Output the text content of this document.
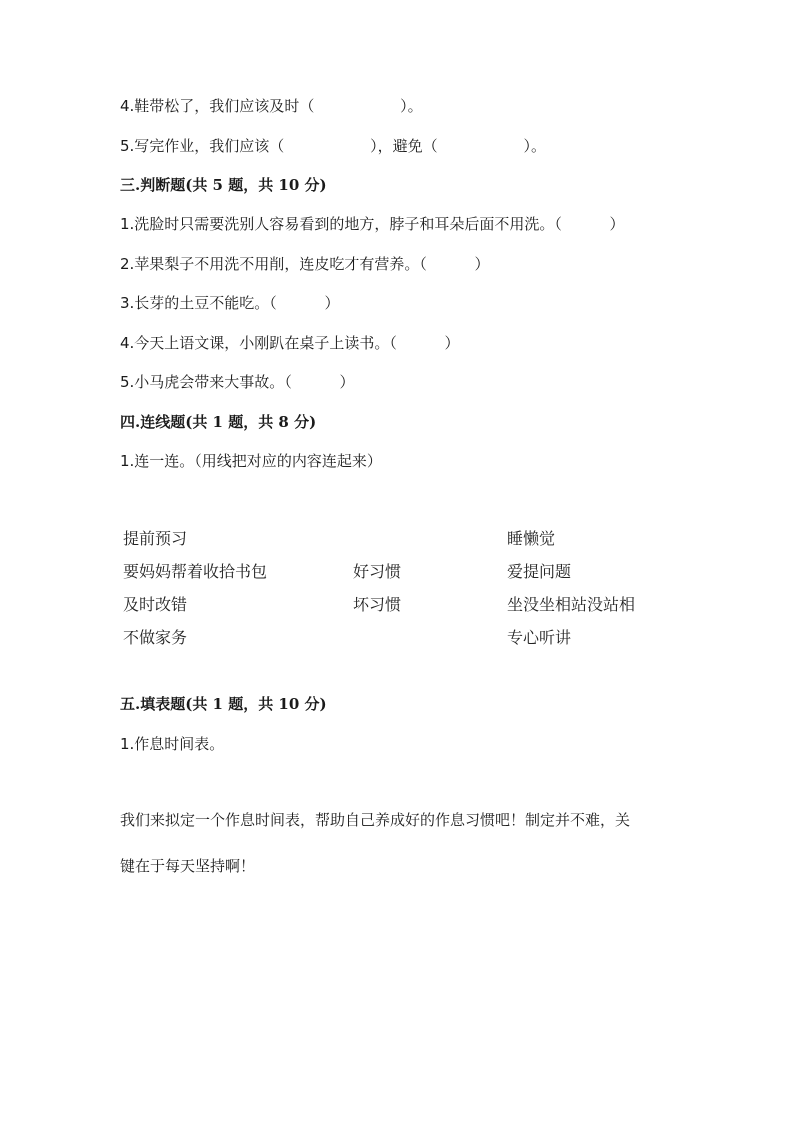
4.鞋带松了，我们应该及时（                  ）。
5.写完作业，我们应该（                  ），避免（                  ）。
三.判断题(共 5 题，共 10 分)
1.洗脸时只需要洗别人容易看到的地方，脖子和耳朵后面不用洗。（          ）
2.苹果梨子不用洗不用削，连皮吃才有营养。（          ）
3.长芽的土豆不能吃。（          ）
4.今天上语文课，小刚趴在桌子上读书。（          ）
5.小马虎会带来大事故。（          ）
四.连线题(共 1 题，共 8 分)
1.连一连。（用线把对应的内容连起来）
提前预习
要妈妈帮着收拾书包
及时改错
不做家务
好习惯
坏习惯
睡懒觉
爱提问题
坐没坐相站没站相
专心听讲
五.填表题(共 1 题，共 10 分)
1.作息时间表。
我们来拟定一个作息时间表，帮助自己养成好的作息习惯吧！制定并不难，关
键在于每天坚持啊！
